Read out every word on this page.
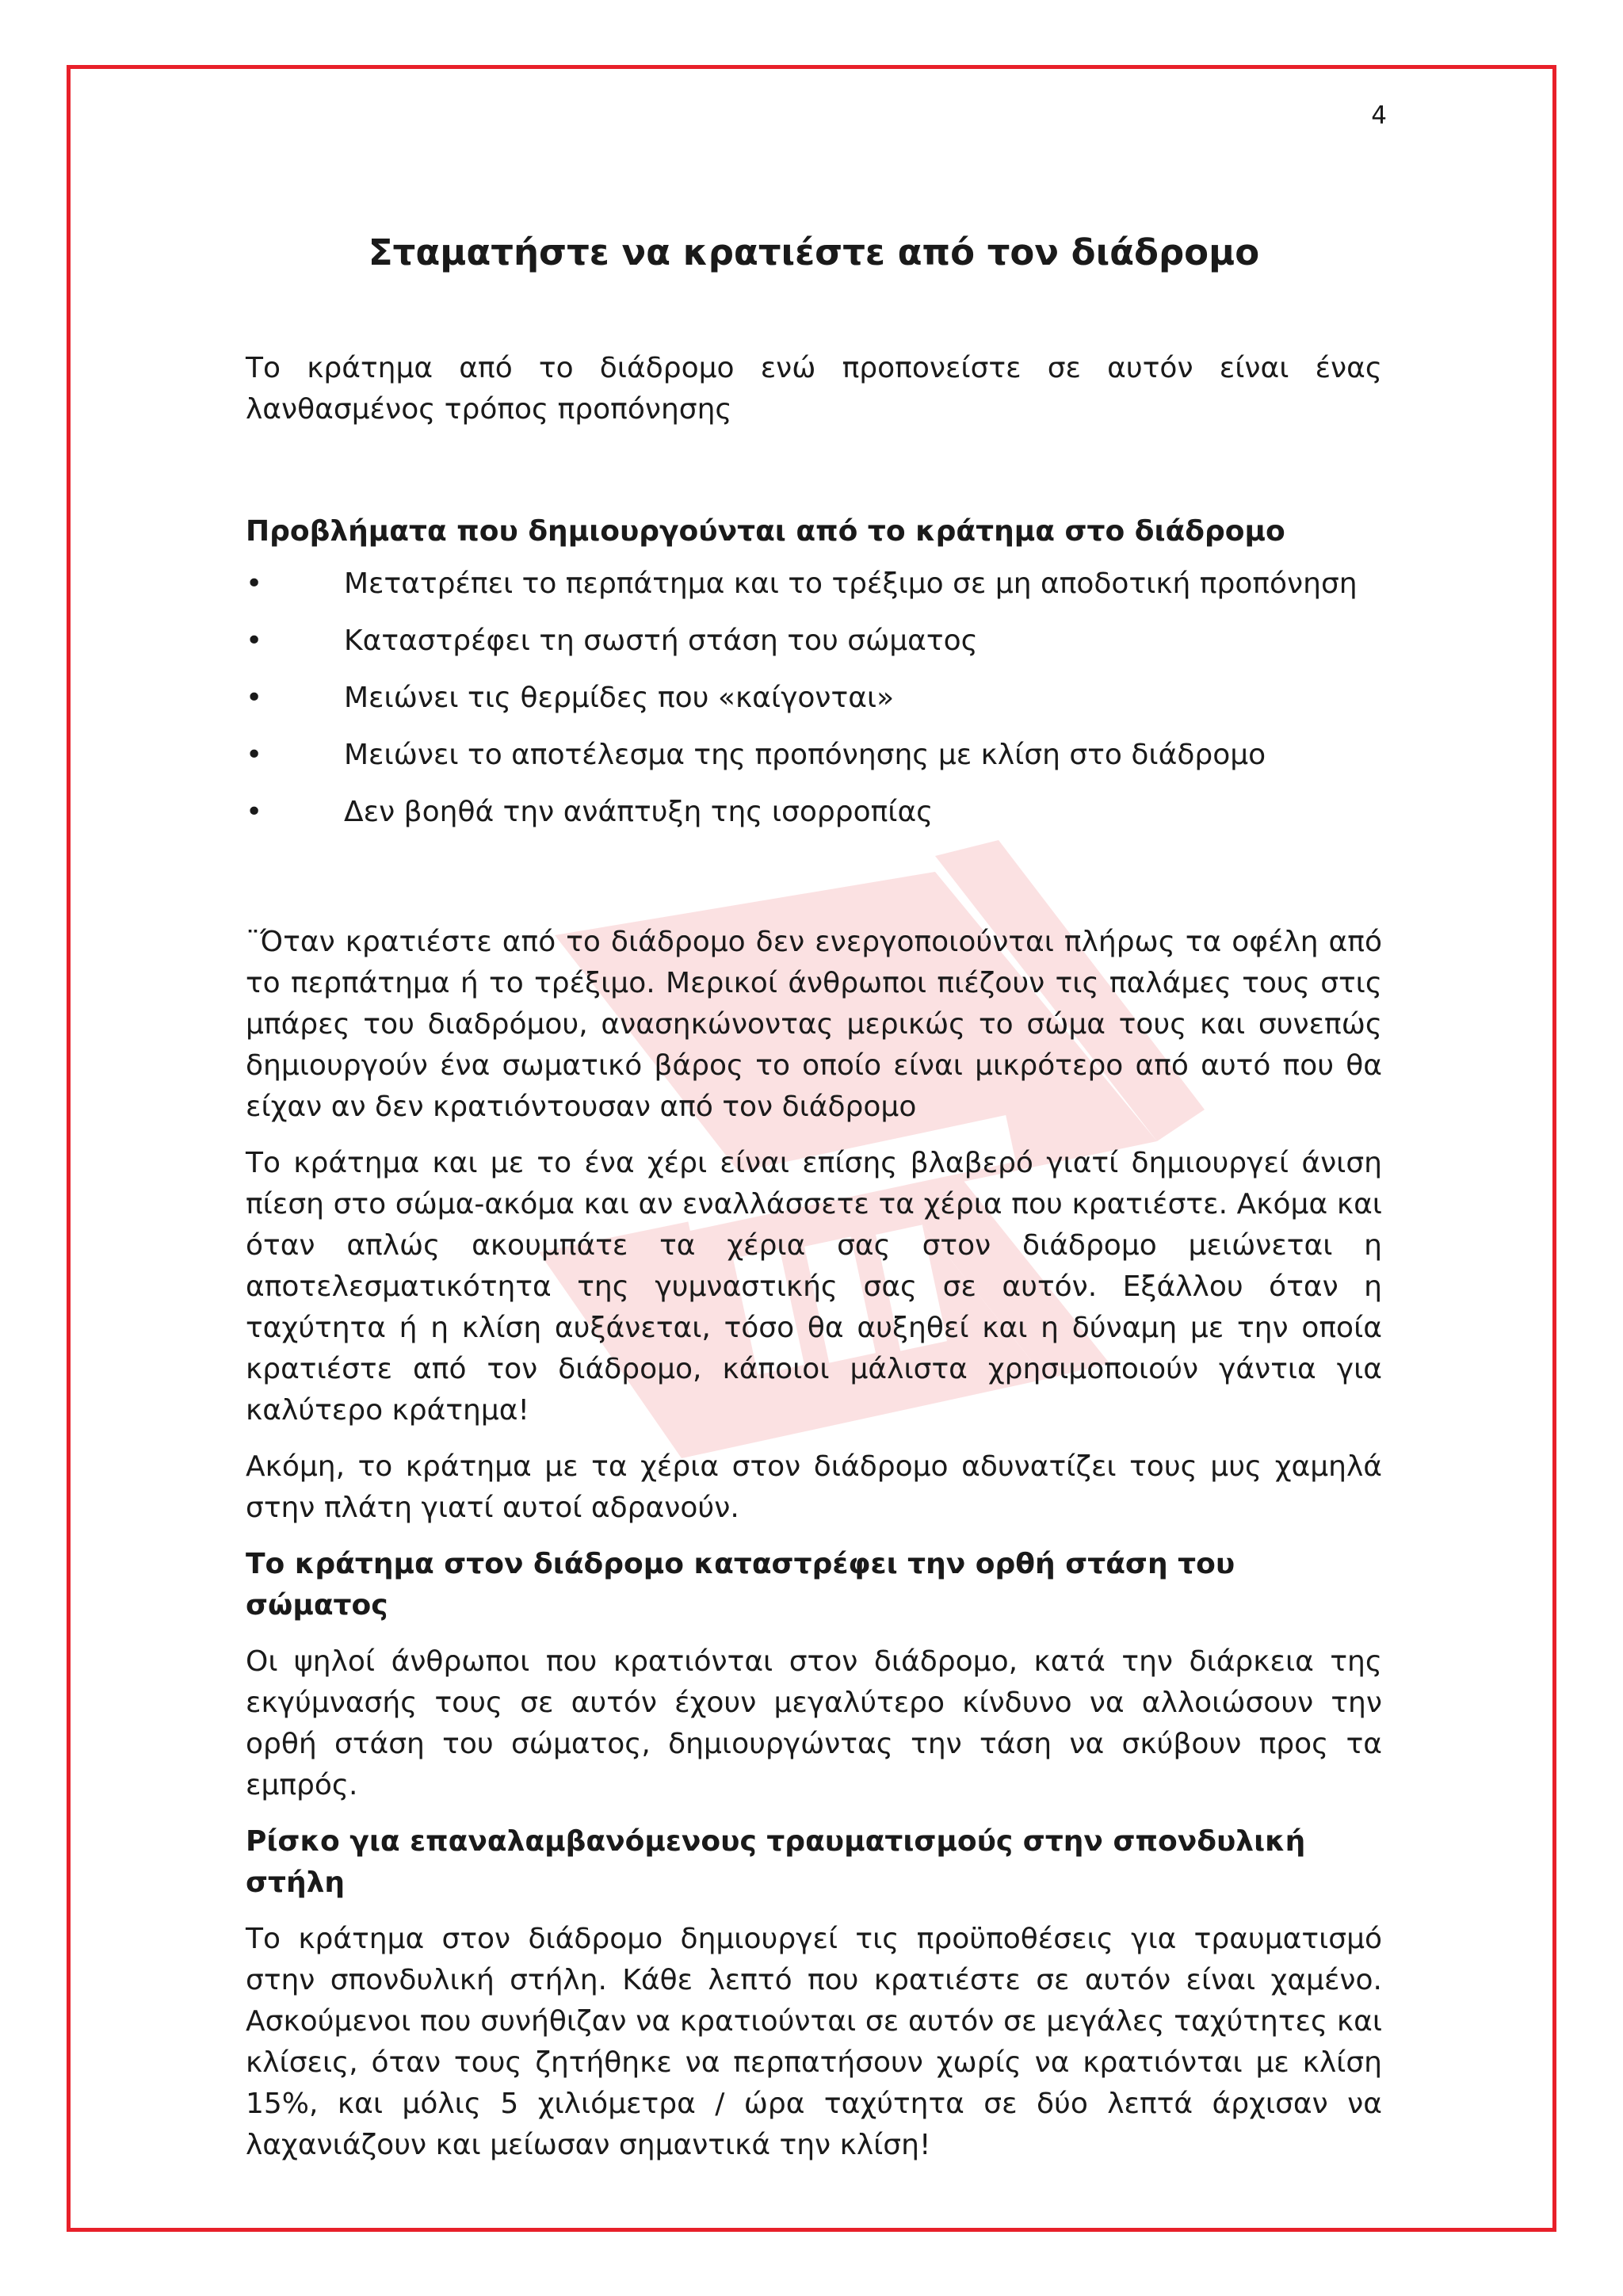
4
Σταματήστε να κρατιέστε από τον διάδρομο

Το κράτημα από το διάδρομο ενώ προπονείστε σε αυτόν είναι ένας λανθασμένος τρόπος προπόνησης

Προβλήματα που δημιουργούνται από το κράτημα στο διάδρομο
•	Μετατρέπει το περπάτημα και το τρέξιμο σε μη αποδοτική προπόνηση
•	Καταστρέφει τη σωστή στάση του σώματος
•	Μειώνει τις θερμίδες που «καίγονται»
•	Μειώνει το αποτέλεσμα της προπόνησης με κλίση στο διάδρομο
•	Δεν βοηθά την ανάπτυξη της ισορροπίας

¨Όταν κρατιέστε από το διάδρομο δεν ενεργοποιούνται πλήρως τα οφέλη από το περπάτημα ή το τρέξιμο. Μερικοί άνθρωποι πιέζουν τις παλάμες τους στις μπάρες του διαδρόμου, ανασηκώνοντας μερικώς το σώμα τους και συνεπώς δημιουργούν ένα σωματικό βάρος το οποίο είναι μικρότερο από αυτό που θα είχαν αν δεν κρατιόντουσαν από τον διάδρομο

Το κράτημα και με το ένα χέρι είναι επίσης βλαβερό γιατί δημιουργεί άνιση πίεση στο σώμα-ακόμα και αν εναλλάσσετε τα χέρια που κρατιέστε. Ακόμα και όταν απλώς ακουμπάτε τα χέρια σας στον διάδρομο μειώνεται η αποτελεσματικότητα της γυμναστικής σας σε αυτόν. Εξάλλου όταν η ταχύτητα ή η κλίση αυξάνεται, τόσο θα αυξηθεί και η δύναμη με την οποία κρατιέστε από τον διάδρομο, κάποιοι μάλιστα χρησιμοποιούν γάντια για καλύτερο κράτημα!

Ακόμη, το κράτημα με τα χέρια στον διάδρομο αδυνατίζει τους μυς χαμηλά στην πλάτη γιατί αυτοί αδρανούν.

Το κράτημα στον διάδρομο καταστρέφει την ορθή στάση του σώματος

Οι ψηλοί άνθρωποι που κρατιόνται στον διάδρομο, κατά την διάρκεια της εκγύμνασής τους σε αυτόν έχουν μεγαλύτερο κίνδυνο να αλλοιώσουν την ορθή στάση του σώματος, δημιουργώντας την τάση να σκύβουν προς τα εμπρός.

Ρίσκο για επαναλαμβανόμενους τραυματισμούς στην σπονδυλική στήλη

Το κράτημα στον διάδρομο δημιουργεί τις προϋποθέσεις για τραυματισμό στην σπονδυλική στήλη. Κάθε λεπτό που κρατιέστε σε αυτόν είναι χαμένο. Ασκούμενοι που συνήθιζαν να κρατιούνται σε αυτόν σε μεγάλες ταχύτητες και κλίσεις, όταν τους ζητήθηκε να περπατήσουν χωρίς να κρατιόνται με κλίση 15%, και μόλις 5 χιλιόμετρα / ώρα ταχύτητα σε δύο λεπτά άρχισαν να λαχανιάζουν και μείωσαν σημαντικά την κλίση!
